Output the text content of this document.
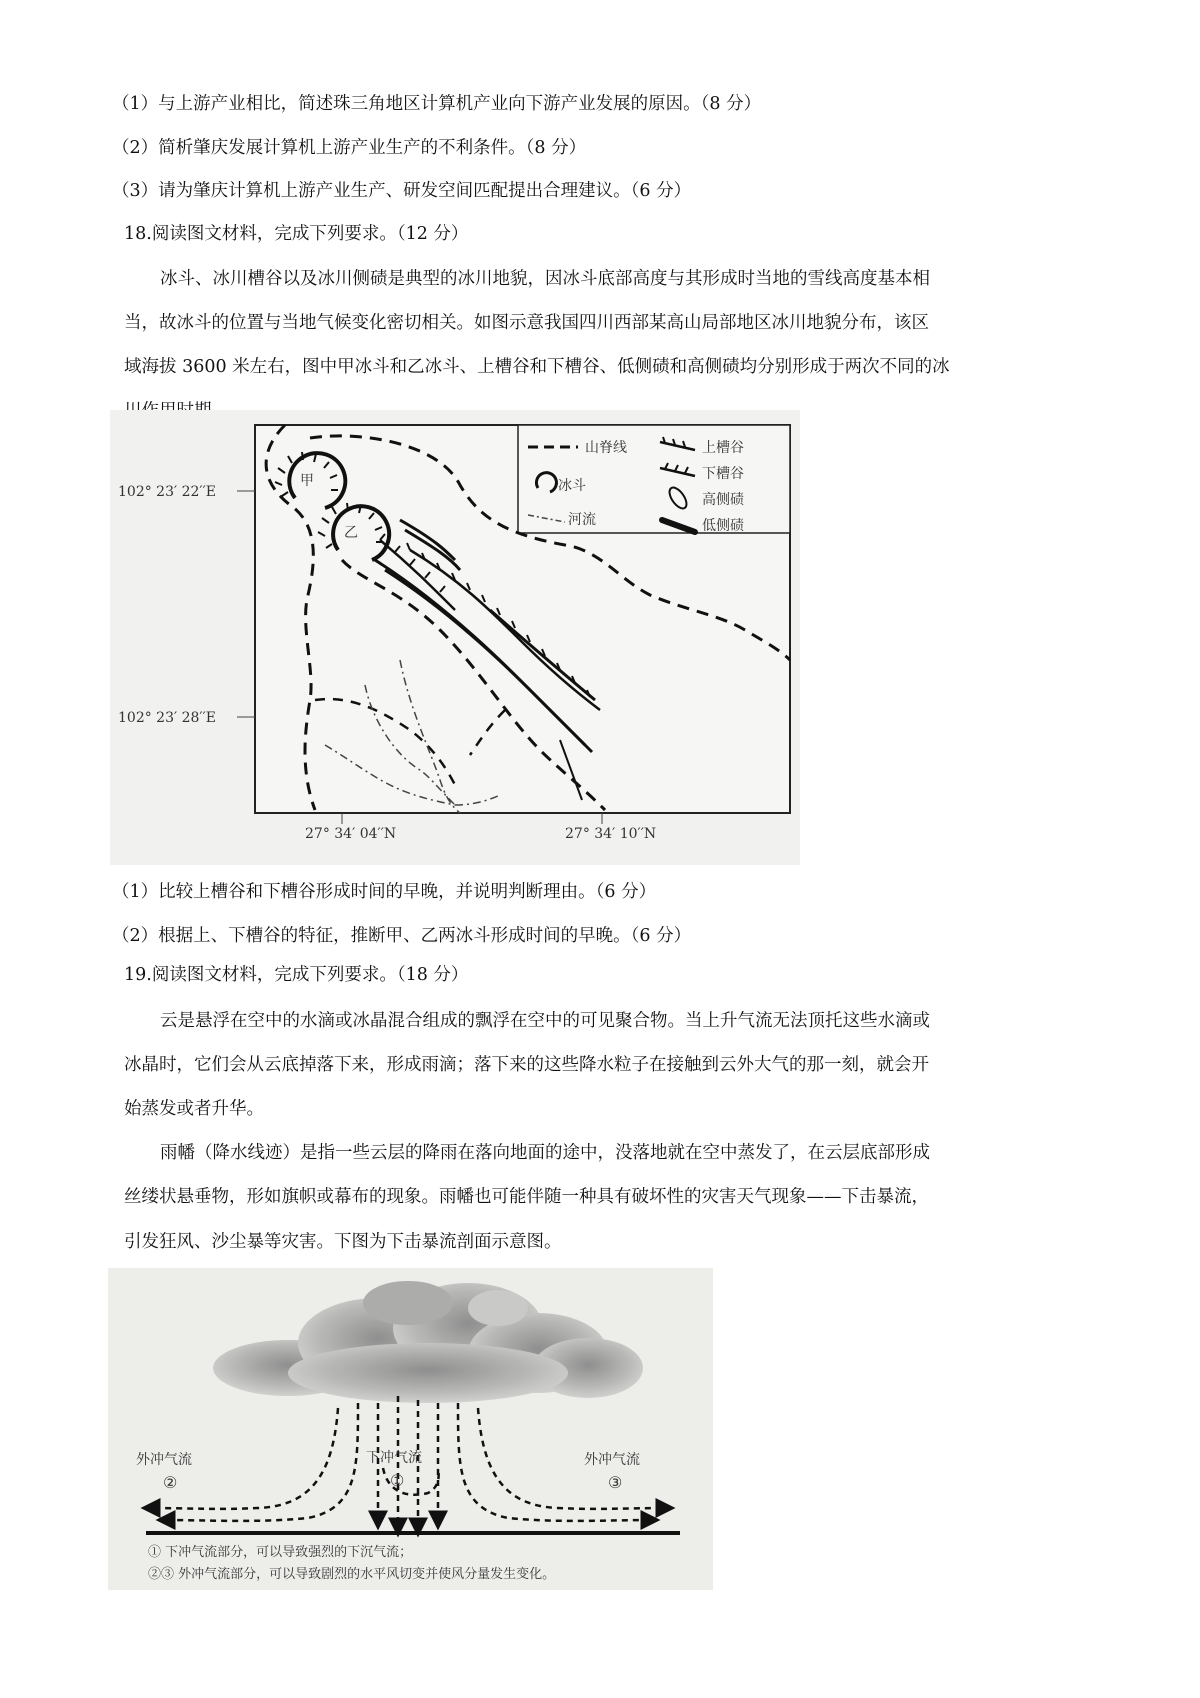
（1）与上游产业相比，简述珠三角地区计算机产业向下游产业发展的原因。（8 分）
（2）简析肇庆发展计算机上游产业生产的不利条件。（8 分）
（3）请为肇庆计算机上游产业生产、研发空间匹配提出合理建议。（6 分）
18.阅读图文材料，完成下列要求。（12 分）
冰斗、冰川槽谷以及冰川侧碛是典型的冰川地貌，因冰斗底部高度与其形成时当地的雪线高度基本相
当，故冰斗的位置与当地气候变化密切相关。如图示意我国四川西部某高山局部地区冰川地貌分布，该区
域海拔 3600 米左右，图中甲冰斗和乙冰斗、上槽谷和下槽谷、低侧碛和高侧碛均分别形成于两次不同的冰
甲
乙
山脊线
冰斗
河流
上槽谷
下槽谷
高侧碛
低侧碛
102° 23′ 22′′E
102° 23′ 28′′E
27° 34′ 04′′N	27° 34′ 10′′N
（1）比较上槽谷和下槽谷形成时间的早晚，并说明判断理由。（6 分）
（2）根据上、下槽谷的特征，推断甲、乙两冰斗形成时间的早晚。（6 分）
19.阅读图文材料，完成下列要求。（18 分）
云是悬浮在空中的水滴或冰晶混合组成的飘浮在空中的可见聚合物。当上升气流无法顶托这些水滴或
冰晶时，它们会从云底掉落下来，形成雨滴；落下来的这些降水粒子在接触到云外大气的那一刻，就会开
始蒸发或者升华。
雨幡（降水线迹）是指一些云层的降雨在落向地面的途中，没落地就在空中蒸发了，在云层底部形成
丝缕状悬垂物，形如旗帜或幕布的现象。雨幡也可能伴随一种具有破坏性的灾害天气现象——下击暴流，
引发狂风、沙尘暴等灾害。下图为下击暴流剖面示意图。
外冲气流
②
下冲气流
①
外冲气流
③
① 下冲气流部分，可以导致强烈的下沉气流；
②③ 外冲气流部分，可以导致剧烈的水平风切变并使风分量发生变化。
